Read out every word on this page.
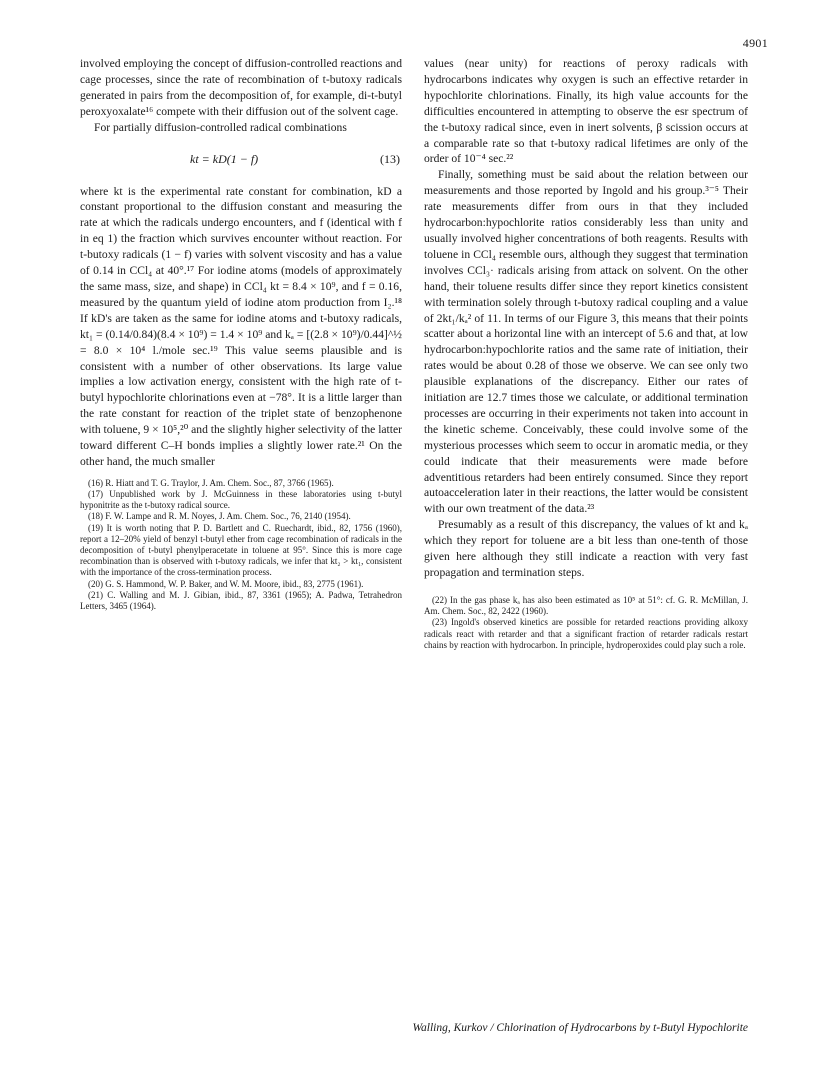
4901

involved employing the concept of diffusion-controlled reactions and cage processes, since the rate of recombination of t-butoxy radicals generated in pairs from the decomposition of, for example, di-t-butyl peroxyoxalate¹⁶ compete with their diffusion out of the solvent cage.

For partially diffusion-controlled radical combinations

kt = kD(1 − f)	(13)

where kt is the experimental rate constant for combination, kD a constant proportional to the diffusion constant and measuring the rate at which the radicals undergo encounters, and f (identical with f in eq 1) the fraction which survives encounter without reaction. For t-butoxy radicals (1 − f) varies with solvent viscosity and has a value of 0.14 in CCl₄ at 40°.¹⁷ For iodine atoms (models of approximately the same mass, size, and shape) in CCl₄ kt = 8.4 × 10⁹, and f = 0.16, measured by the quantum yield of iodine atom production from I₂.¹⁸ If kD's are taken as the same for iodine atoms and t-butoxy radicals, kt₁ = (0.14/0.84)(8.4 × 10⁹) = 1.4 × 10⁹ and kₐ = [(2.8 × 10⁹)/0.44]^½ = 8.0 × 10⁴ l./mole sec.¹⁹ This value seems plausible and is consistent with a number of other observations. Its large value implies a low activation energy, consistent with the high rate of t-butyl hypochlorite chlorinations even at −78°. It is a little larger than the rate constant for reaction of the triplet state of benzophenone with toluene, 9 × 10⁵,²⁰ and the slightly higher selectivity of the latter toward different C–H bonds implies a slightly lower rate.²¹ On the other hand, the much smaller

(16) R. Hiatt and T. G. Traylor, J. Am. Chem. Soc., 87, 3766 (1965).

(17) Unpublished work by J. McGuinness in these laboratories using t-butyl hyponitrite as the t-butoxy radical source.

(18) F. W. Lampe and R. M. Noyes, J. Am. Chem. Soc., 76, 2140 (1954).

(19) It is worth noting that P. D. Bartlett and C. Ruechardt, ibid., 82, 1756 (1960), report a 12–20% yield of benzyl t-butyl ether from cage recombination of radicals in the decomposition of t-butyl phenylperacetate in toluene at 95°. Since this is more cage recombination than is observed with t-butoxy radicals, we infer that kt₂ > kt₁, consistent with the importance of the cross-termination process.

(20) G. S. Hammond, W. P. Baker, and W. M. Moore, ibid., 83, 2775 (1961).

(21) C. Walling and M. J. Gibian, ibid., 87, 3361 (1965); A. Padwa, Tetrahedron Letters, 3465 (1964).

values (near unity) for reactions of peroxy radicals with hydrocarbons indicates why oxygen is such an effective retarder in hypochlorite chlorinations. Finally, its high value accounts for the difficulties encountered in attempting to observe the esr spectrum of the t-butoxy radical since, even in inert solvents, β scission occurs at a comparable rate so that t-butoxy radical lifetimes are only of the order of 10⁻⁴ sec.²²

Finally, something must be said about the relation between our measurements and those reported by Ingold and his group.³⁻⁵ Their rate measurements differ from ours in that they included hydrocarbon:hypochlorite ratios considerably less than unity and usually involved higher concentrations of both reagents. Results with toluene in CCl₄ resemble ours, although they suggest that termination involves CCl₃· radicals arising from attack on solvent. On the other hand, their toluene results differ since they report kinetics consistent with termination solely through t-butoxy radical coupling and a value of 2kt₁/kₐ² of 11. In terms of our Figure 3, this means that their points scatter about a horizontal line with an intercept of 5.6 and that, at low hydrocarbon:hypochlorite ratios and the same rate of initiation, their rates would be about 0.28 of those we observe. We can see only two plausible explanations of the discrepancy. Either our rates of initiation are 12.7 times those we calculate, or additional termination processes are occurring in their experiments not taken into account in the kinetic scheme. Conceivably, these could involve some of the mysterious processes which seem to occur in aromatic media, or they could indicate that their measurements were made before adventitious retarders had been entirely consumed. Since they report autoacceleration later in their reactions, the latter would be consistent with our own treatment of the data.²³

Presumably as a result of this discrepancy, the values of kt and kₐ which they report for toluene are a bit less than one-tenth of those given here although they still indicate a reaction with very fast propagation and termination steps.

(22) In the gas phase kₐ has also been estimated as 10⁵ at 51°: cf. G. R. McMillan, J. Am. Chem. Soc., 82, 2422 (1960).

(23) Ingold's observed kinetics are possible for retarded reactions providing alkoxy radicals react with retarder and that a significant fraction of retarder radicals restart chains by reaction with hydrocarbon. In principle, hydroperoxides could play such a role.

Walling, Kurkov / Chlorination of Hydrocarbons by t-Butyl Hypochlorite
